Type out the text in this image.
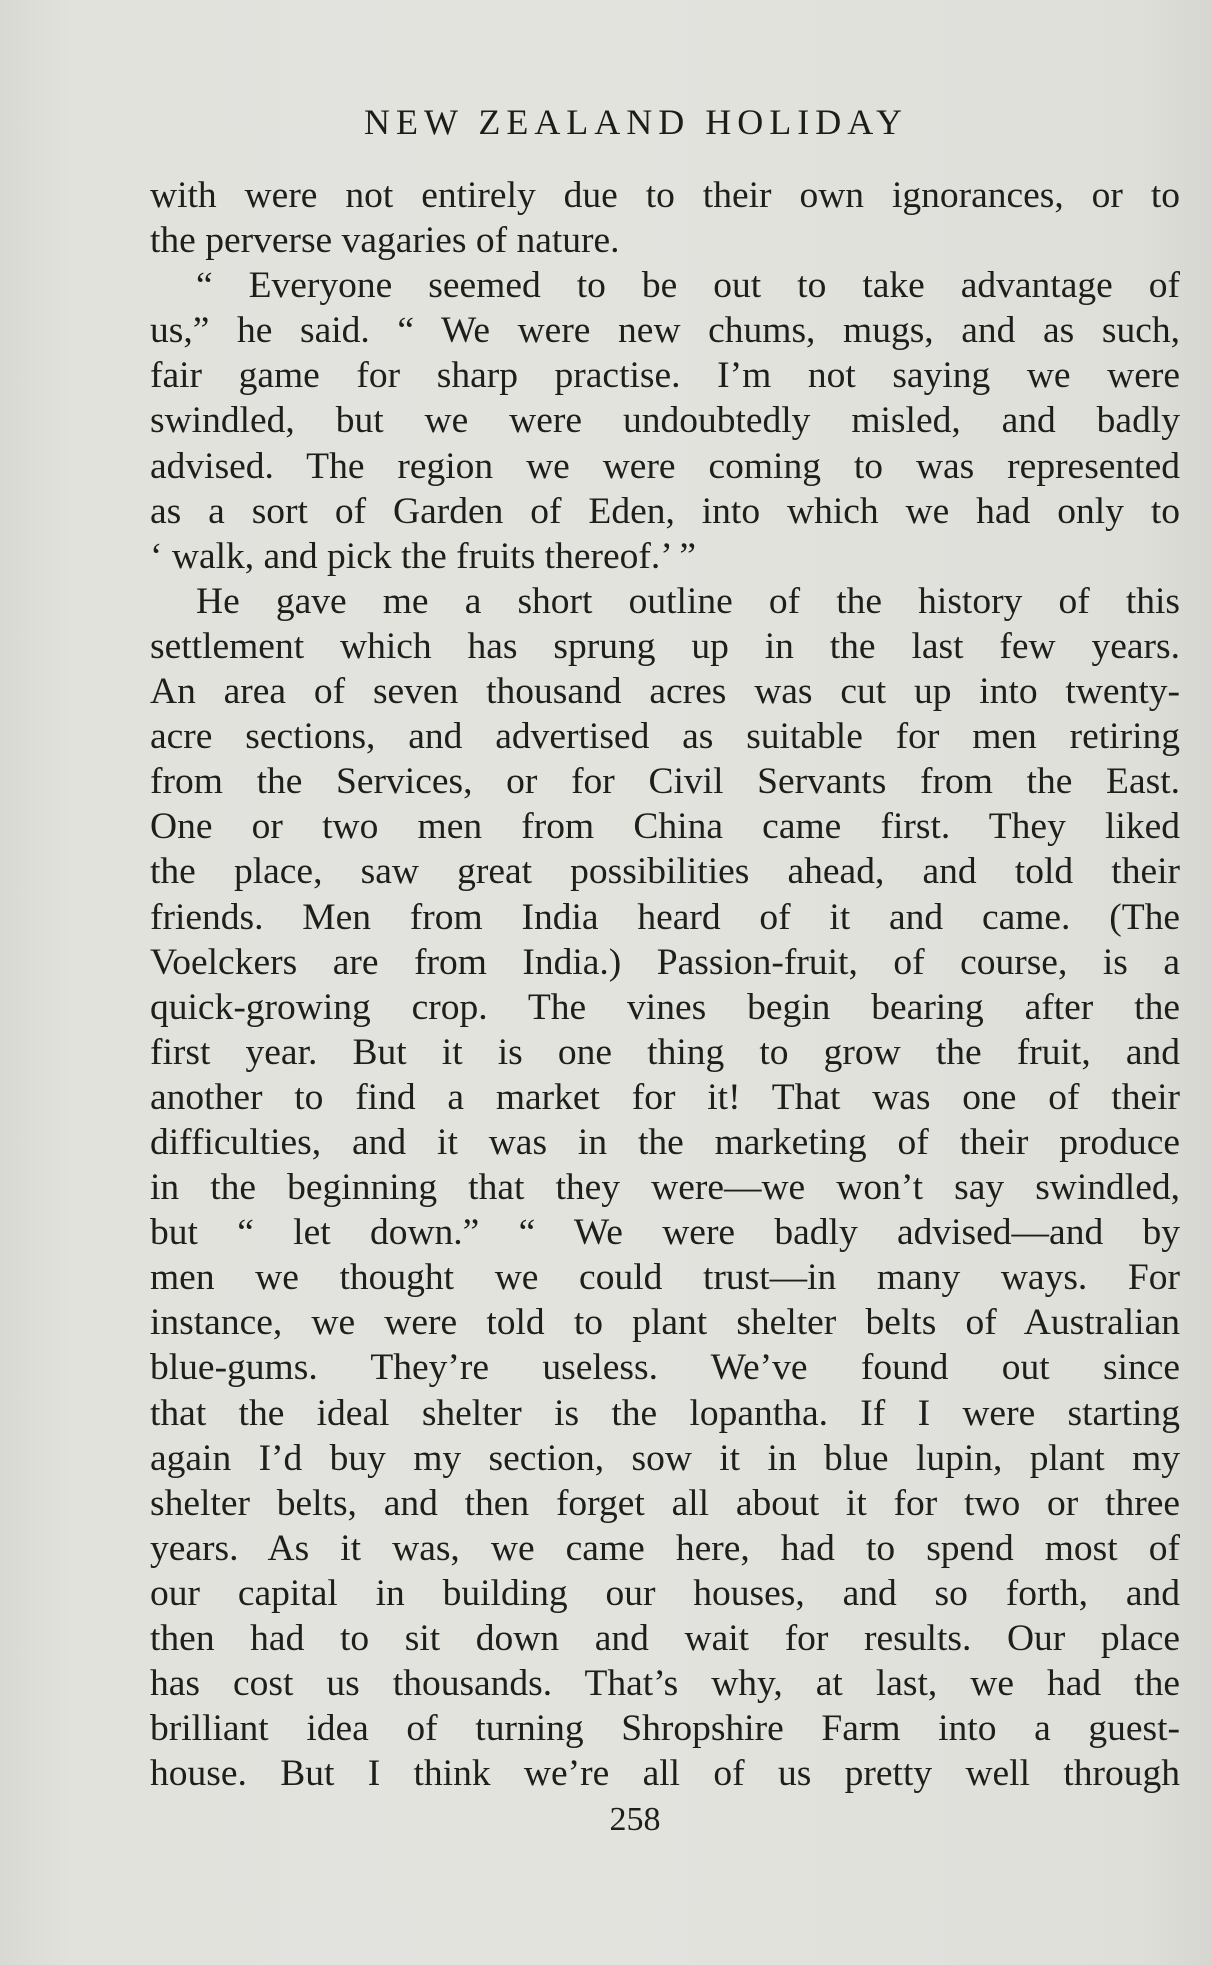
NEW ZEALAND HOLIDAY
with were not entirely due to their own ignorances, or to
the perverse vagaries of nature.
“ Everyone seemed to be out to take advantage of
us,” he said. “ We were new chums, mugs, and as such,
fair game for sharp practise. I’m not saying we were
swindled, but we were undoubtedly misled, and badly
advised. The region we were coming to was represented
as a sort of Garden of Eden, into which we had only to
‘ walk, and pick the fruits thereof.’ ”
He gave me a short outline of the history of this
settlement which has sprung up in the last few years.
An area of seven thousand acres was cut up into twenty-
acre sections, and advertised as suitable for men retiring
from the Services, or for Civil Servants from the East.
One or two men from China came first. They liked
the place, saw great possibilities ahead, and told their
friends. Men from India heard of it and came. (The
Voelckers are from India.) Passion-fruit, of course, is a
quick-growing crop. The vines begin bearing after the
first year. But it is one thing to grow the fruit, and
another to find a market for it! That was one of their
difficulties, and it was in the marketing of their produce
in the beginning that they were—we won’t say swindled,
but “ let down.” “ We were badly advised—and by
men we thought we could trust—in many ways. For
instance, we were told to plant shelter belts of Australian
blue-gums. They’re useless. We’ve found out since
that the ideal shelter is the lopantha. If I were starting
again I’d buy my section, sow it in blue lupin, plant my
shelter belts, and then forget all about it for two or three
years. As it was, we came here, had to spend most of
our capital in building our houses, and so forth, and
then had to sit down and wait for results. Our place
has cost us thousands. That’s why, at last, we had the
brilliant idea of turning Shropshire Farm into a guest-
house. But I think we’re all of us pretty well through
258
